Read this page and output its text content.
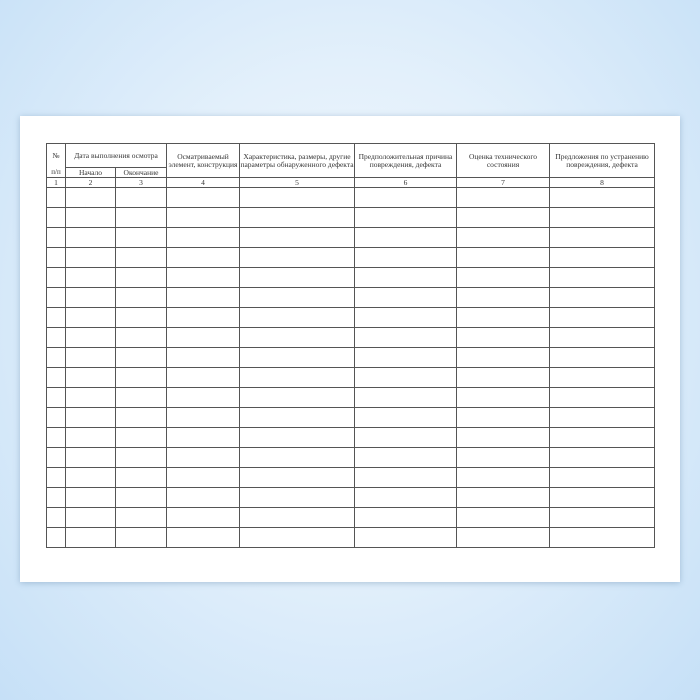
№	Дата выполнения осмотра		Осматриваемый элемент, конструкция	Характеристика, размеры, другие параметры обнаруженного дефекта	Предположительная причина повреждения, дефекта	Оценка технического состояния	Предложения по устранению повреждения, дефекта
п/п	Начало	Окончание					
1	2	3	4	5	6	7	8
